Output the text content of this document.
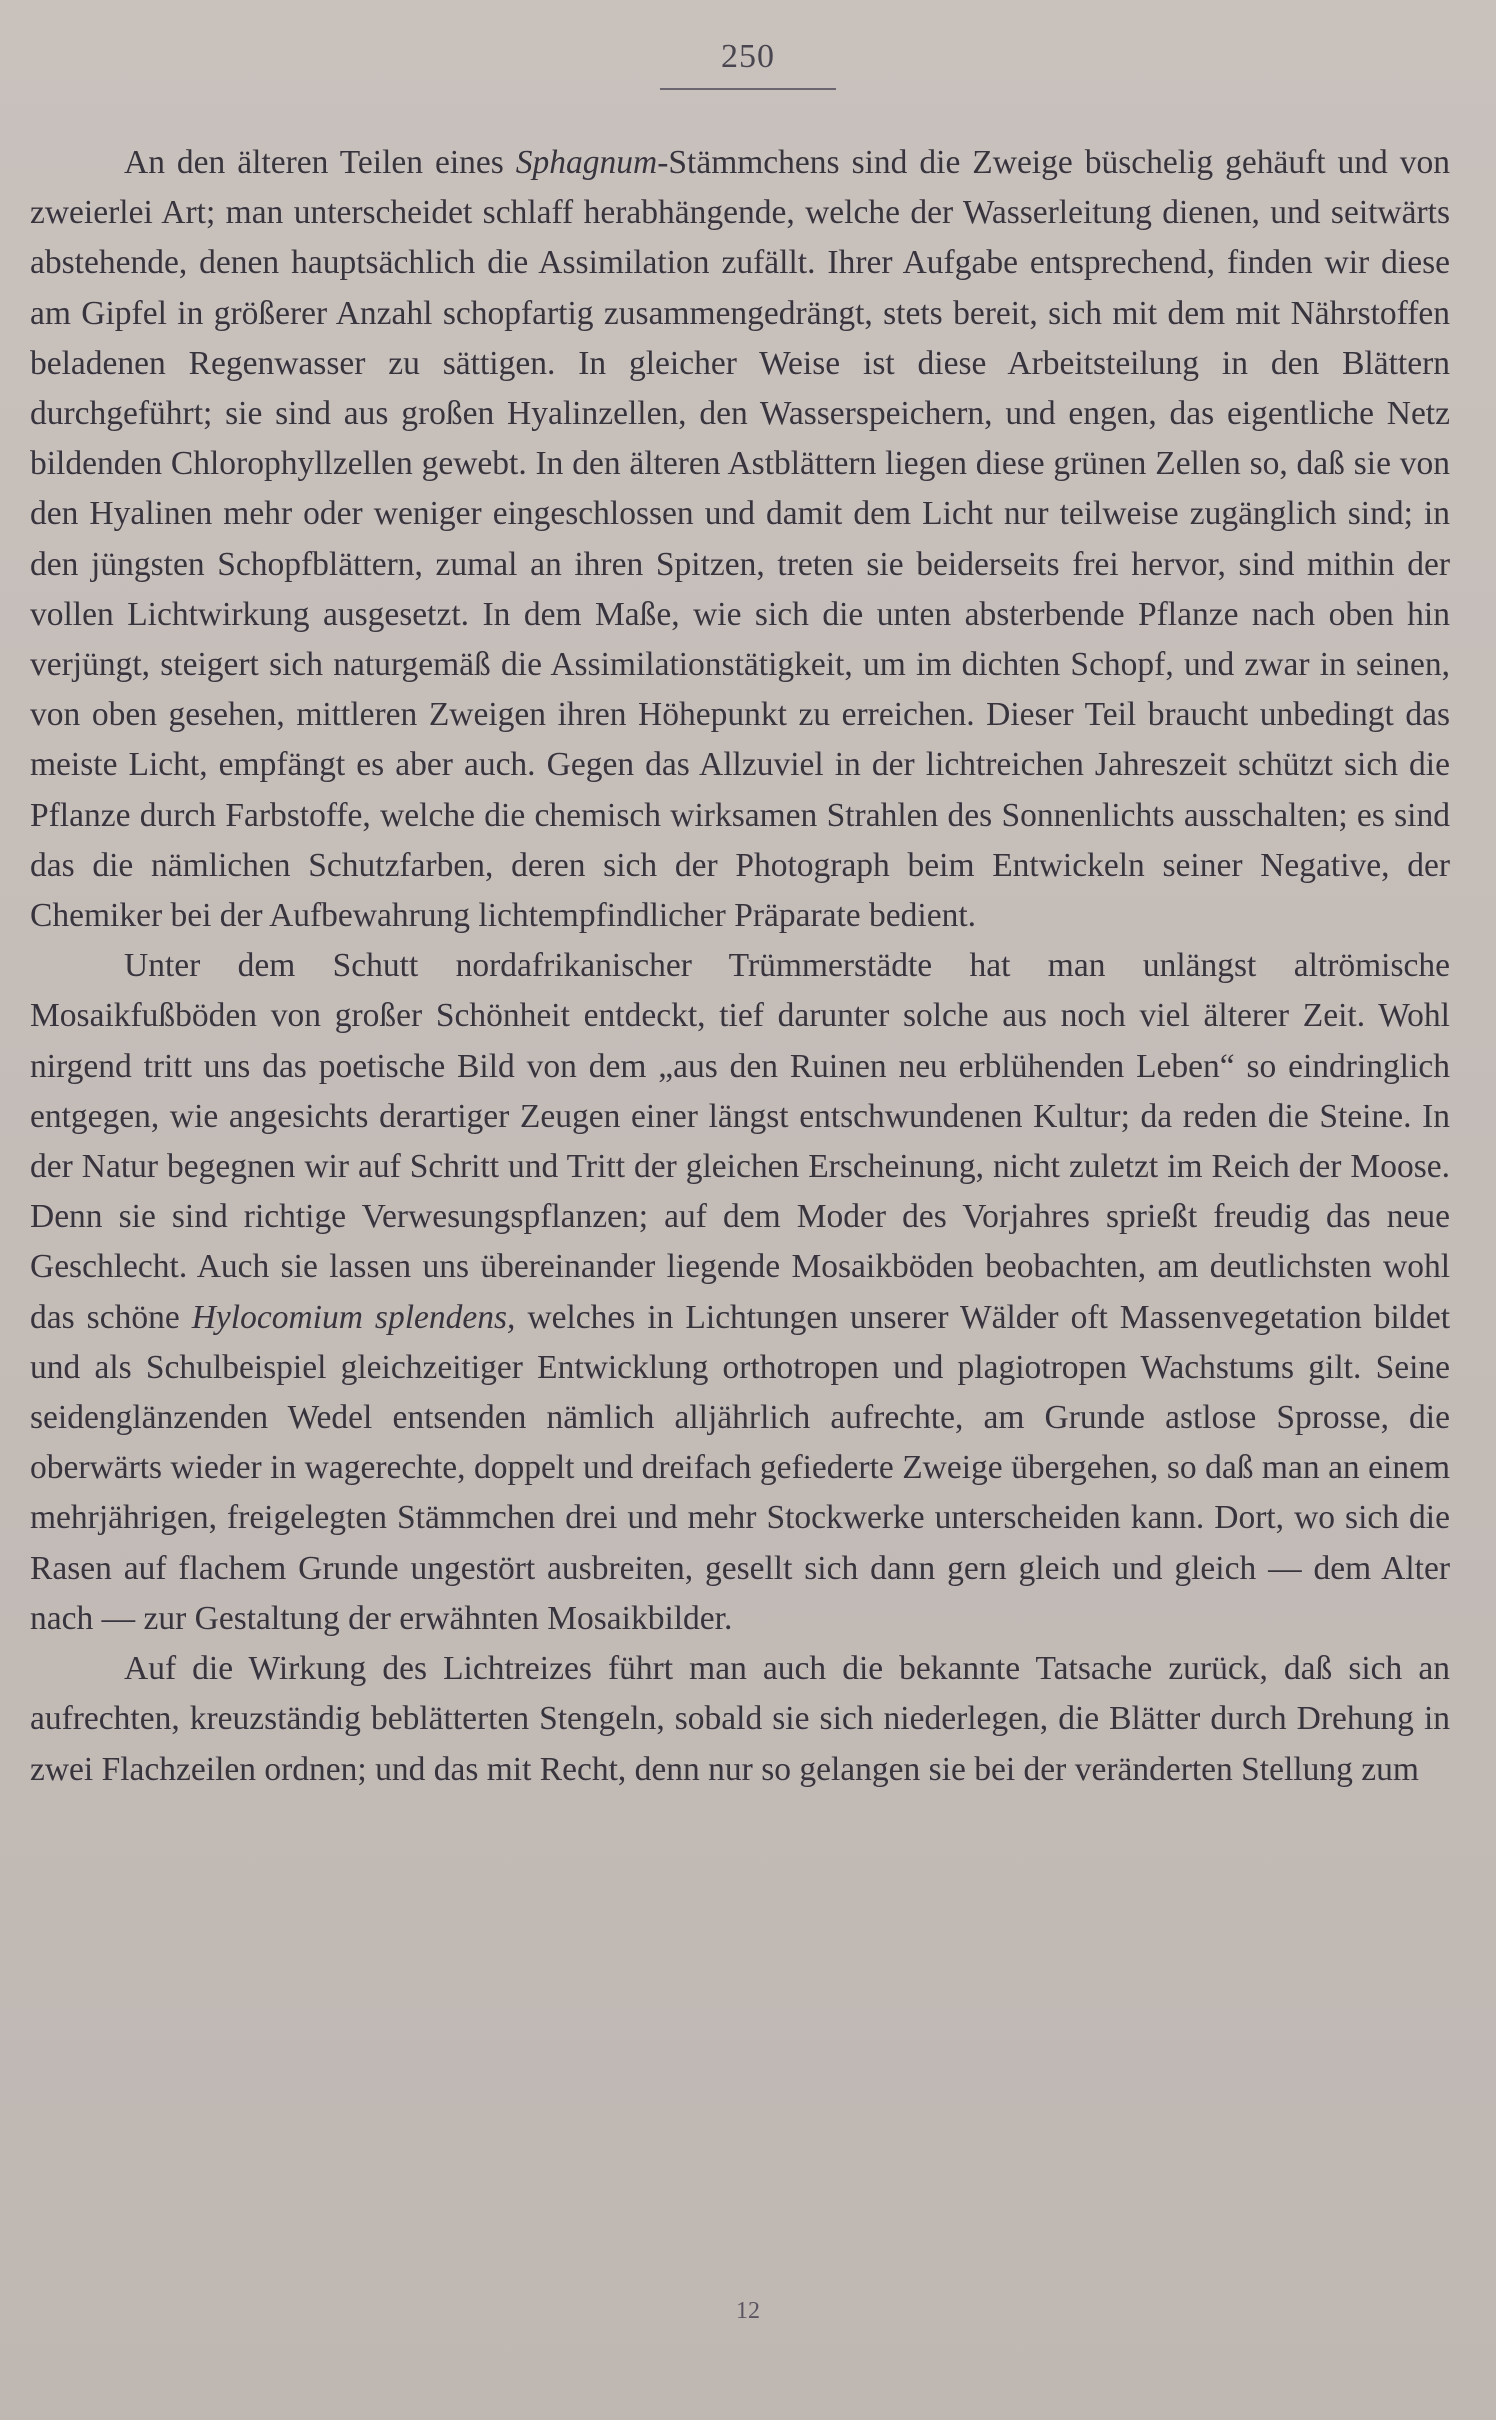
250

An den älteren Teilen eines Sphagnum-Stämmchens sind die Zweige büschelig gehäuft und von zweierlei Art; man unterscheidet schlaff herabhängende, welche der Wasserleitung dienen, und seitwärts abstehende, denen hauptsächlich die Assimilation zufällt. Ihrer Aufgabe entsprechend, finden wir diese am Gipfel in größerer Anzahl schopfartig zusammengedrängt, stets bereit, sich mit dem mit Nährstoffen beladenen Regenwasser zu sättigen. In gleicher Weise ist diese Arbeitsteilung in den Blättern durchgeführt; sie sind aus großen Hyalinzellen, den Wasserspeichern, und engen, das eigentliche Netz bildenden Chlorophyllzellen gewebt. In den älteren Astblättern liegen diese grünen Zellen so, daß sie von den Hyalinen mehr oder weniger eingeschlossen und damit dem Licht nur teilweise zugänglich sind; in den jüngsten Schopfblättern, zumal an ihren Spitzen, treten sie beiderseits frei hervor, sind mithin der vollen Lichtwirkung ausgesetzt. In dem Maße, wie sich die unten absterbende Pflanze nach oben hin verjüngt, steigert sich naturgemäß die Assimilationstätigkeit, um im dichten Schopf, und zwar in seinen, von oben gesehen, mittleren Zweigen ihren Höhepunkt zu erreichen. Dieser Teil braucht unbedingt das meiste Licht, empfängt es aber auch. Gegen das Allzuviel in der lichtreichen Jahreszeit schützt sich die Pflanze durch Farbstoffe, welche die chemisch wirksamen Strahlen des Sonnenlichts ausschalten; es sind das die nämlichen Schutzfarben, deren sich der Photograph beim Entwickeln seiner Negative, der Chemiker bei der Aufbewahrung lichtempfindlicher Präparate bedient.

Unter dem Schutt nordafrikanischer Trümmerstädte hat man unlängst altrömische Mosaikfußböden von großer Schönheit entdeckt, tief darunter solche aus noch viel älterer Zeit. Wohl nirgend tritt uns das poetische Bild von dem „aus den Ruinen neu erblühenden Leben“ so eindringlich entgegen, wie angesichts derartiger Zeugen einer längst entschwundenen Kultur; da reden die Steine. In der Natur begegnen wir auf Schritt und Tritt der gleichen Erscheinung, nicht zuletzt im Reich der Moose. Denn sie sind richtige Verwesungspflanzen; auf dem Moder des Vorjahres sprießt freudig das neue Geschlecht. Auch sie lassen uns übereinander liegende Mosaikböden beobachten, am deutlichsten wohl das schöne Hylocomium splendens, welches in Lichtungen unserer Wälder oft Massenvegetation bildet und als Schulbeispiel gleichzeitiger Entwicklung orthotropen und plagiotropen Wachstums gilt. Seine seidenglänzenden Wedel entsenden nämlich alljährlich aufrechte, am Grunde astlose Sprosse, die oberwärts wieder in wagerechte, doppelt und dreifach gefiederte Zweige übergehen, so daß man an einem mehrjährigen, freigelegten Stämmchen drei und mehr Stockwerke unterscheiden kann. Dort, wo sich die Rasen auf flachem Grunde ungestört ausbreiten, gesellt sich dann gern gleich und gleich — dem Alter nach — zur Gestaltung der erwähnten Mosaikbilder.

Auf die Wirkung des Lichtreizes führt man auch die bekannte Tatsache zurück, daß sich an aufrechten, kreuzständig beblätterten Stengeln, sobald sie sich niederlegen, die Blätter durch Drehung in zwei Flachzeilen ordnen; und das mit Recht, denn nur so gelangen sie bei der veränderten Stellung zum

12
